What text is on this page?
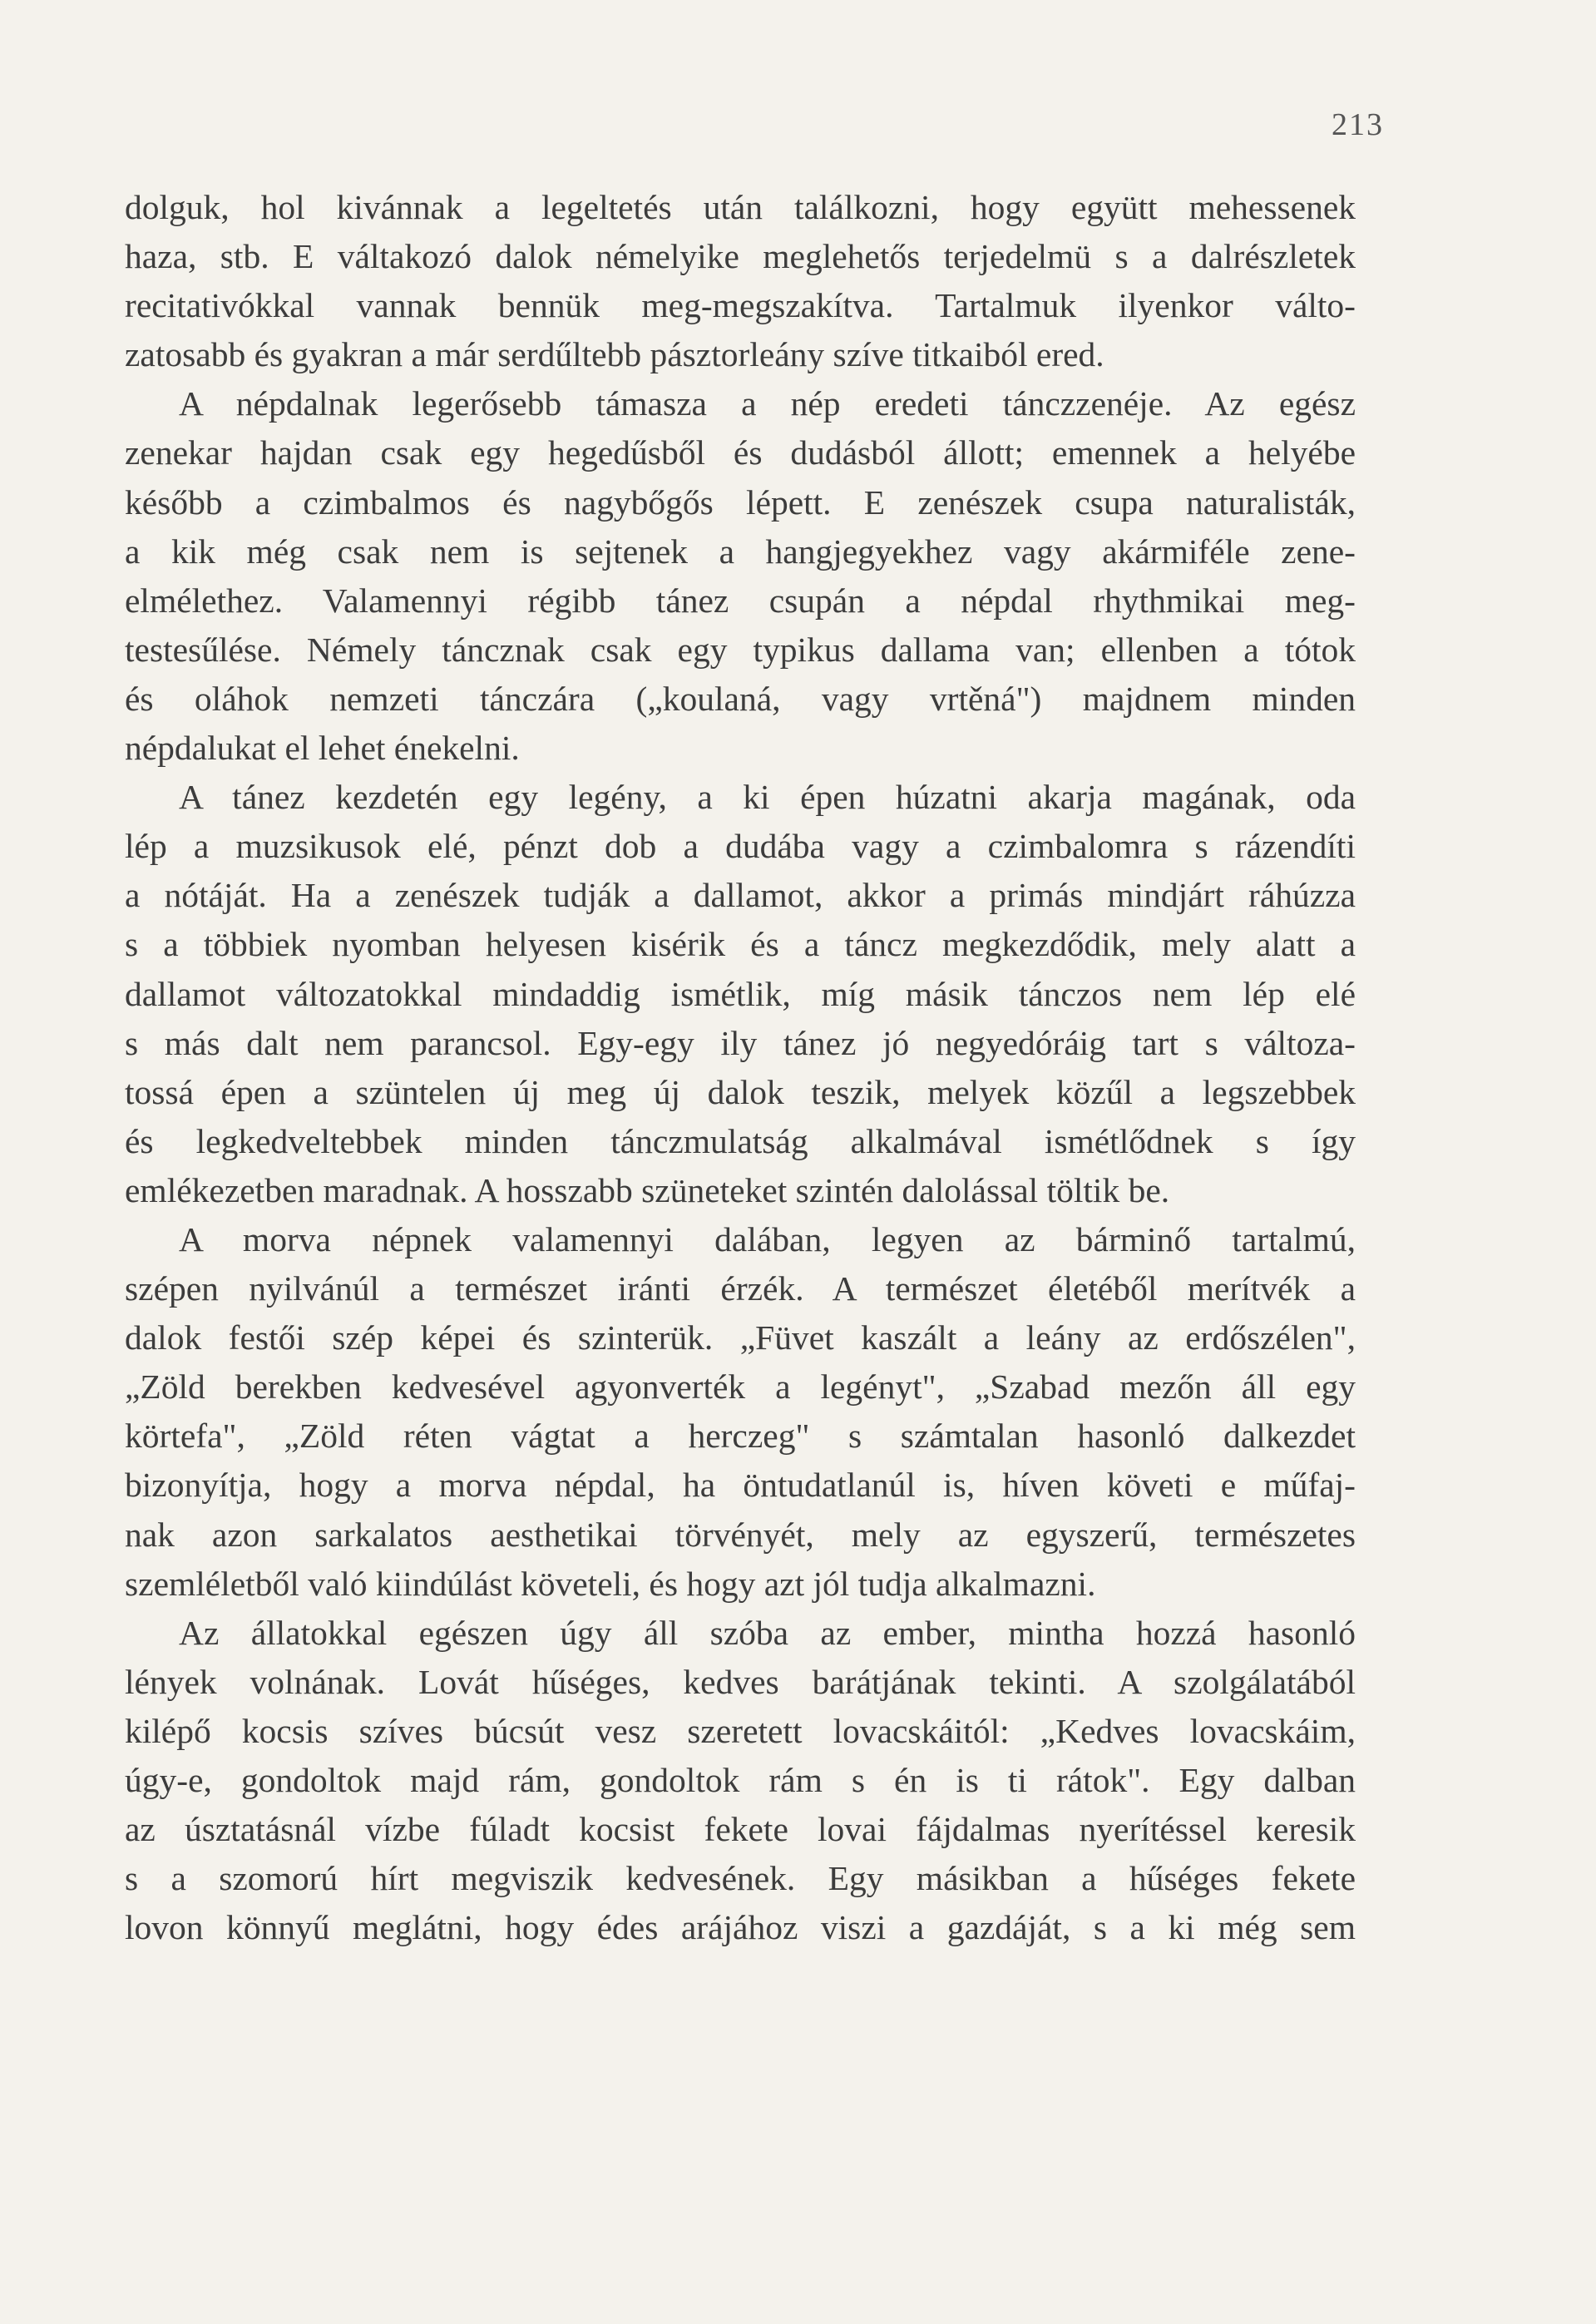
213
dolguk, hol kivánnak a legeltetés után találkozni, hogy együtt mehessenek
haza, stb. E váltakozó dalok némelyike meglehetős terjedelmü s a dalrészletek
recitativókkal vannak bennük meg-megszakítva. Tartalmuk ilyenkor válto-
zatosabb és gyakran a már serdűltebb pásztorleány szíve titkaiból ered.
A népdalnak legerősebb támasza a nép eredeti tánczzenéje. Az egész
zenekar hajdan csak egy hegedűsből és dudásból állott; emennek a helyébe
később a czimbalmos és nagybőgős lépett. E zenészek csupa naturalisták,
a kik még csak nem is sejtenek a hangjegyekhez vagy akármiféle zene-
elmélethez. Valamennyi régibb tánez csupán a népdal rhythmikai meg-
testesűlése. Némely táncznak csak egy typikus dallama van; ellenben a tótok
és oláhok nemzeti tánczára („koulaná, vagy vrtěná") majdnem minden
népdalukat el lehet énekelni.
A tánez kezdetén egy legény, a ki épen húzatni akarja magának, oda
lép a muzsikusok elé, pénzt dob a dudába vagy a czimbalomra s rázendíti
a nótáját. Ha a zenészek tudják a dallamot, akkor a primás mindjárt ráhúzza
s a többiek nyomban helyesen kisérik és a táncz megkezdődik, mely alatt a
dallamot változatokkal mindaddig ismétlik, míg másik tánczos nem lép elé
s más dalt nem parancsol. Egy-egy ily tánez jó negyedóráig tart s változa-
tossá épen a szüntelen új meg új dalok teszik, melyek közűl a legszebbek
és legkedveltebbek minden tánczmulatság alkalmával ismétlődnek s így
emlékezetben maradnak. A hosszabb szüneteket szintén dalolással töltik be.
A morva népnek valamennyi dalában, legyen az bárminő tartalmú,
szépen nyilvánúl a természet iránti érzék. A természet életéből merítvék a
dalok festői szép képei és szinterük. „Füvet kaszált a leány az erdőszélen",
„Zöld berekben kedvesével agyonverték a legényt", „Szabad mezőn áll egy
körtefa", „Zöld réten vágtat a herczeg" s számtalan hasonló dalkezdet
bizonyítja, hogy a morva népdal, ha öntudatlanúl is, híven követi e műfaj-
nak azon sarkalatos aesthetikai törvényét, mely az egyszerű, természetes
szemléletből való kiindúlást követeli, és hogy azt jól tudja alkalmazni.
Az állatokkal egészen úgy áll szóba az ember, mintha hozzá hasonló
lények volnának. Lovát hűséges, kedves barátjának tekinti. A szolgálatából
kilépő kocsis szíves búcsút vesz szeretett lovacskáitól: „Kedves lovacskáim,
úgy-e, gondoltok majd rám, gondoltok rám s én is ti rátok". Egy dalban
az úsztatásnál vízbe fúladt kocsist fekete lovai fájdalmas nyerítéssel keresik
s a szomorú hírt megviszik kedvesének. Egy másikban a hűséges fekete
lovon könnyű meglátni, hogy édes arájához viszi a gazdáját, s a ki még sem
